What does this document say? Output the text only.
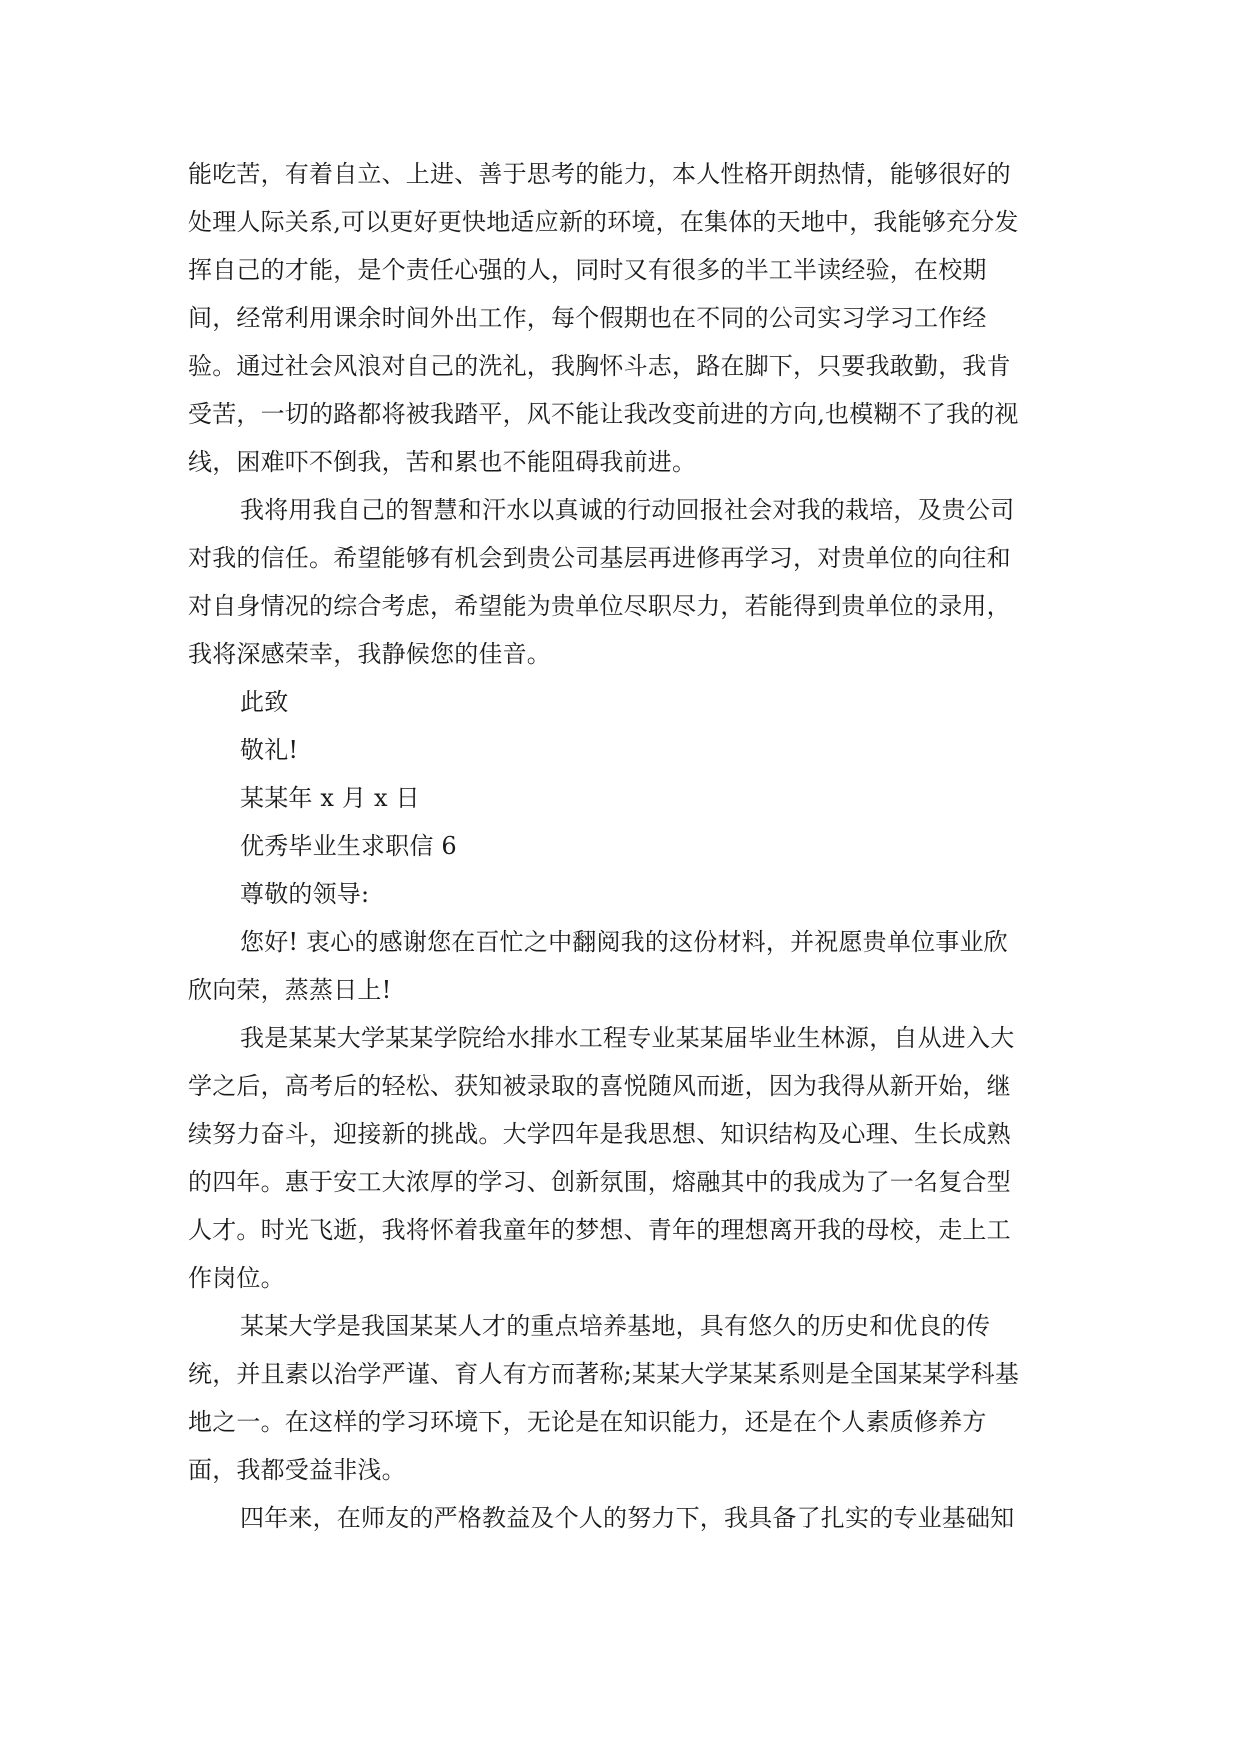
能吃苦，有着自立、上进、善于思考的能力，本人性格开朗热情，能够很好的
处理人际关系,可以更好更快地适应新的环境，在集体的天地中，我能够充分发
挥自己的才能，是个责任心强的人，同时又有很多的半工半读经验，在校期
间，经常利用课余时间外出工作，每个假期也在不同的公司实习学习工作经
验。通过社会风浪对自己的洗礼，我胸怀斗志，路在脚下，只要我敢勤，我肯
受苦，一切的路都将被我踏平，风不能让我改变前进的方向,也模糊不了我的视
线，困难吓不倒我，苦和累也不能阻碍我前进。
我将用我自己的智慧和汗水以真诚的行动回报社会对我的栽培，及贵公司
对我的信任。希望能够有机会到贵公司基层再进修再学习，对贵单位的向往和
对自身情况的综合考虑，希望能为贵单位尽职尽力，若能得到贵单位的录用，
我将深感荣幸，我静候您的佳音。
此致
敬礼!
某某年 x 月 x 日
优秀毕业生求职信 6
尊敬的领导:
您好! 衷心的感谢您在百忙之中翻阅我的这份材料，并祝愿贵单位事业欣
欣向荣，蒸蒸日上!
我是某某大学某某学院给水排水工程专业某某届毕业生林源，自从进入大
学之后，高考后的轻松、获知被录取的喜悦随风而逝，因为我得从新开始，继
续努力奋斗，迎接新的挑战。大学四年是我思想、知识结构及心理、生长成熟
的四年。惠于安工大浓厚的学习、创新氛围，熔融其中的我成为了一名复合型
人才。时光飞逝，我将怀着我童年的梦想、青年的理想离开我的母校，走上工
作岗位。
某某大学是我国某某人才的重点培养基地，具有悠久的历史和优良的传
统，并且素以治学严谨、育人有方而著称;某某大学某某系则是全国某某学科基
地之一。在这样的学习环境下，无论是在知识能力，还是在个人素质修养方
面，我都受益非浅。
四年来，在师友的严格教益及个人的努力下，我具备了扎实的专业基础知
